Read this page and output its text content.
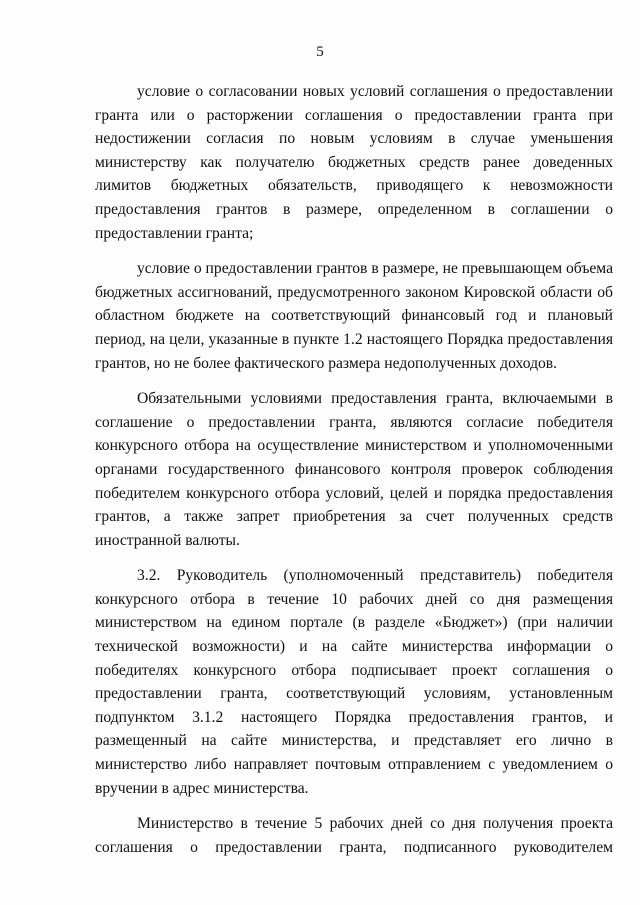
5

условие о согласовании новых условий соглашения о предоставлении гранта или о расторжении соглашения о предоставлении гранта при недостижении согласия по новым условиям в случае уменьшения министерству как получателю бюджетных средств ранее доведенных лимитов бюджетных обязательств, приводящего к невозможности предоставления грантов в размере, определенном в соглашении о предоставлении гранта;

условие о предоставлении грантов в размере, не превышающем объема бюджетных ассигнований, предусмотренного законом Кировской области об областном бюджете на соответствующий финансовый год и плановый период, на цели, указанные в пункте 1.2 настоящего Порядка предоставления грантов, но не более фактического размера недополученных доходов.

Обязательными условиями предоставления гранта, включаемыми в соглашение о предоставлении гранта, являются согласие победителя конкурсного отбора на осуществление министерством и уполномоченными органами государственного финансового контроля проверок соблюдения победителем конкурсного отбора условий, целей и порядка предоставления грантов, а также запрет приобретения за счет полученных средств иностранной валюты.

3.2. Руководитель (уполномоченный представитель) победителя конкурсного отбора в течение 10 рабочих дней со дня размещения министерством на едином портале (в разделе «Бюджет») (при наличии технической возможности) и на сайте министерства информации о победителях конкурсного отбора подписывает проект соглашения о предоставлении гранта, соответствующий условиям, установленным подпунктом 3.1.2 настоящего Порядка предоставления грантов, и размещенный на сайте министерства, и представляет его лично в министерство либо направляет почтовым отправлением с уведомлением о вручении в адрес министерства.

Министерство в течение 5 рабочих дней со дня получения проекта соглашения о предоставлении гранта, подписанного руководителем
